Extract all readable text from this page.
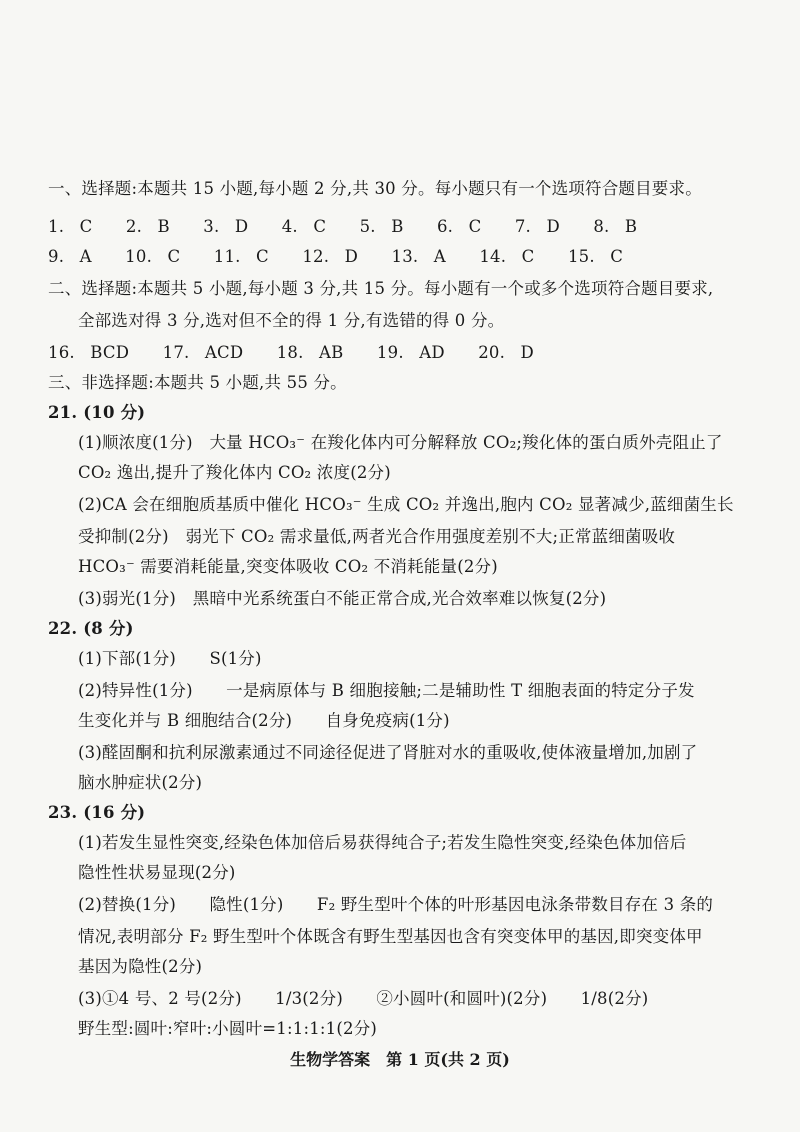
一、选择题:本题共 15 小题,每小题 2 分,共 30 分。每小题只有一个选项符合题目要求。
1. C 2. B 3. D 4. C 5. B 6. C 7. D 8. B
9. A 10. C 11. C 12. D 13. A 14. C 15. C
二、选择题:本题共 5 小题,每小题 3 分,共 15 分。每小题有一个或多个选项符合题目要求,
全部选对得 3 分,选对但不全的得 1 分,有选错的得 0 分。
16. BCD 17. ACD 18. AB 19. AD 20. D
三、非选择题:本题共 5 小题,共 55 分。
21. (10 分)
(1)顺浓度(1分)　大量 HCO₃⁻ 在羧化体内可分解释放 CO₂;羧化体的蛋白质外壳阻止了
CO₂ 逸出,提升了羧化体内 CO₂ 浓度(2分)
(2)CA 会在细胞质基质中催化 HCO₃⁻ 生成 CO₂ 并逸出,胞内 CO₂ 显著减少,蓝细菌生长
受抑制(2分)　弱光下 CO₂ 需求量低,两者光合作用强度差别不大;正常蓝细菌吸收
HCO₃⁻ 需要消耗能量,突变体吸收 CO₂ 不消耗能量(2分)
(3)弱光(1分)　黑暗中光系统蛋白不能正常合成,光合效率难以恢复(2分)
22. (8 分)
(1)下部(1分)　　S(1分)
(2)特异性(1分)　　一是病原体与 B 细胞接触;二是辅助性 T 细胞表面的特定分子发
生变化并与 B 细胞结合(2分)　　自身免疫病(1分)
(3)醛固酮和抗利尿激素通过不同途径促进了肾脏对水的重吸收,使体液量增加,加剧了
脑水肿症状(2分)
23. (16 分)
(1)若发生显性突变,经染色体加倍后易获得纯合子;若发生隐性突变,经染色体加倍后
隐性性状易显现(2分)
(2)替换(1分)　　隐性(1分)　　F₂ 野生型叶个体的叶形基因电泳条带数目存在 3 条的
情况,表明部分 F₂ 野生型叶个体既含有野生型基因也含有突变体甲的基因,即突变体甲
基因为隐性(2分)
(3)①4 号、2 号(2分)　　1/3(2分)　　②小圆叶(和圆叶)(2分)　　1/8(2分)
野生型:圆叶:窄叶:小圆叶=1:1:1:1(2分)
生物学答案　第 1 页(共 2 页)
